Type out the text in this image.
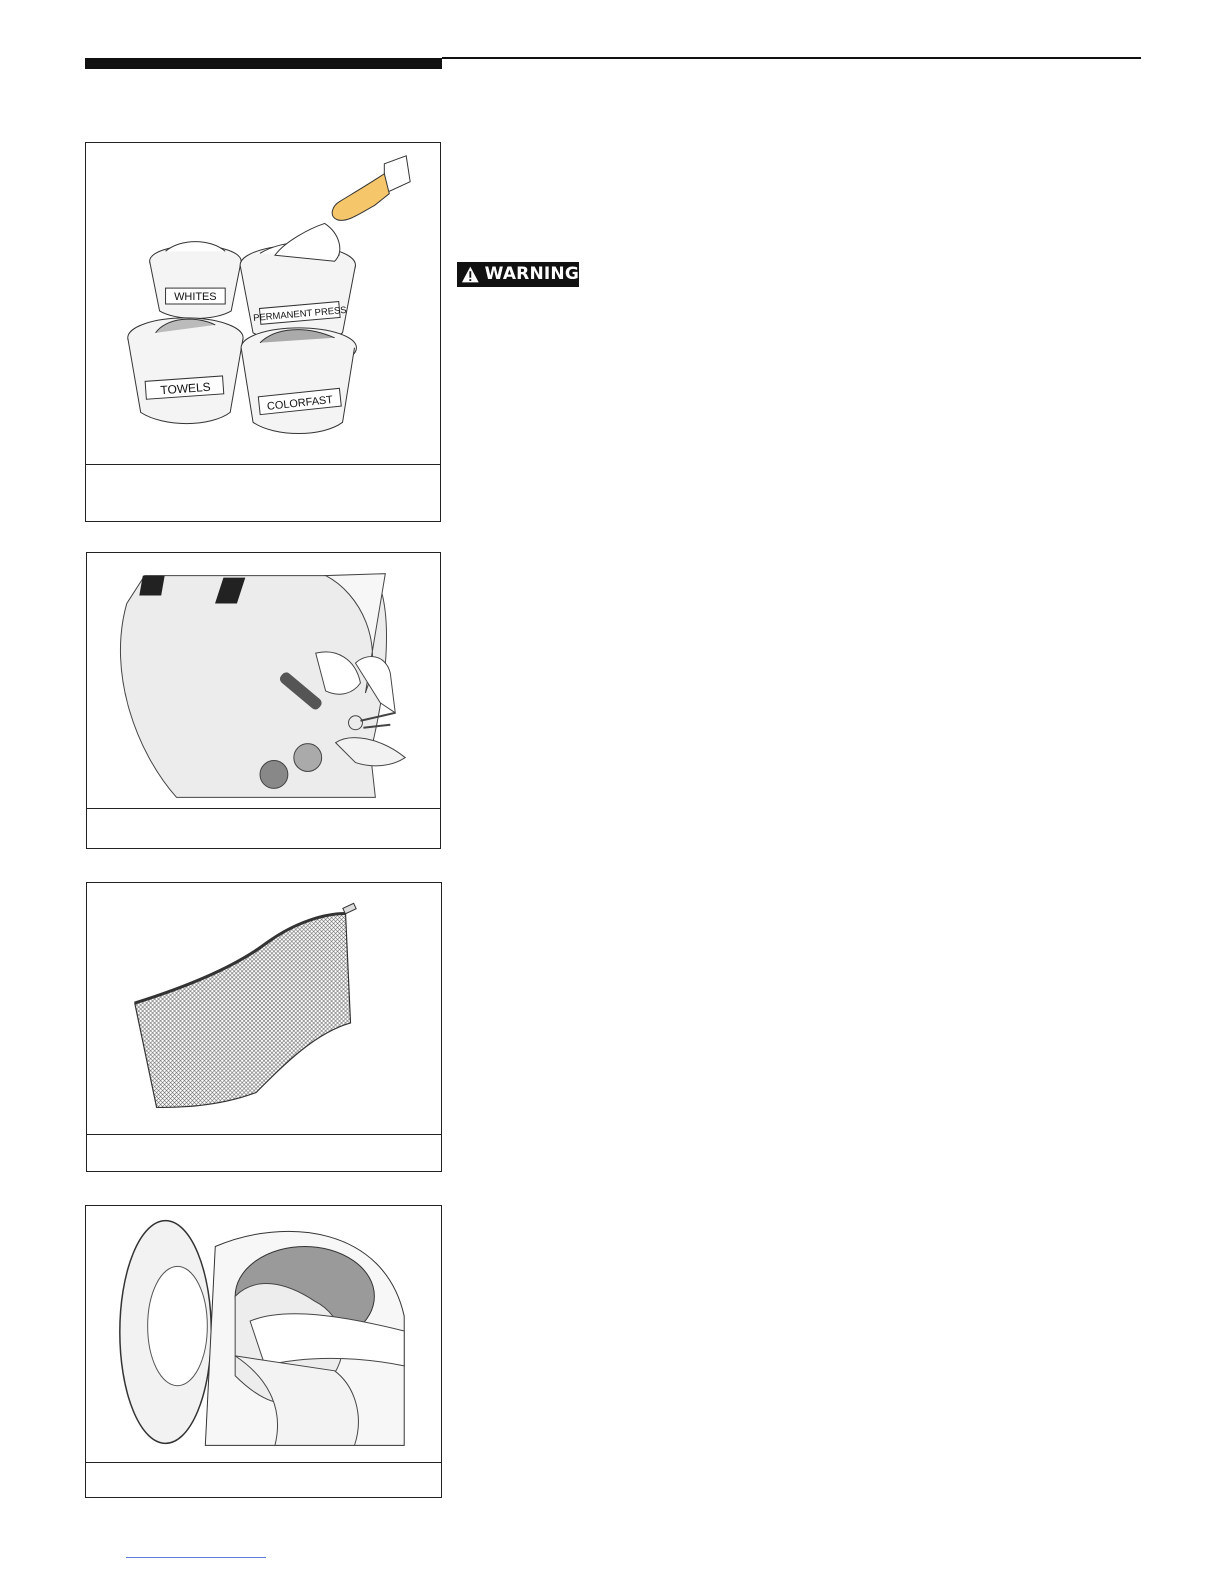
WHITES
PERMANENT PRESS
TOWELS
COLORFAST
WARNING
